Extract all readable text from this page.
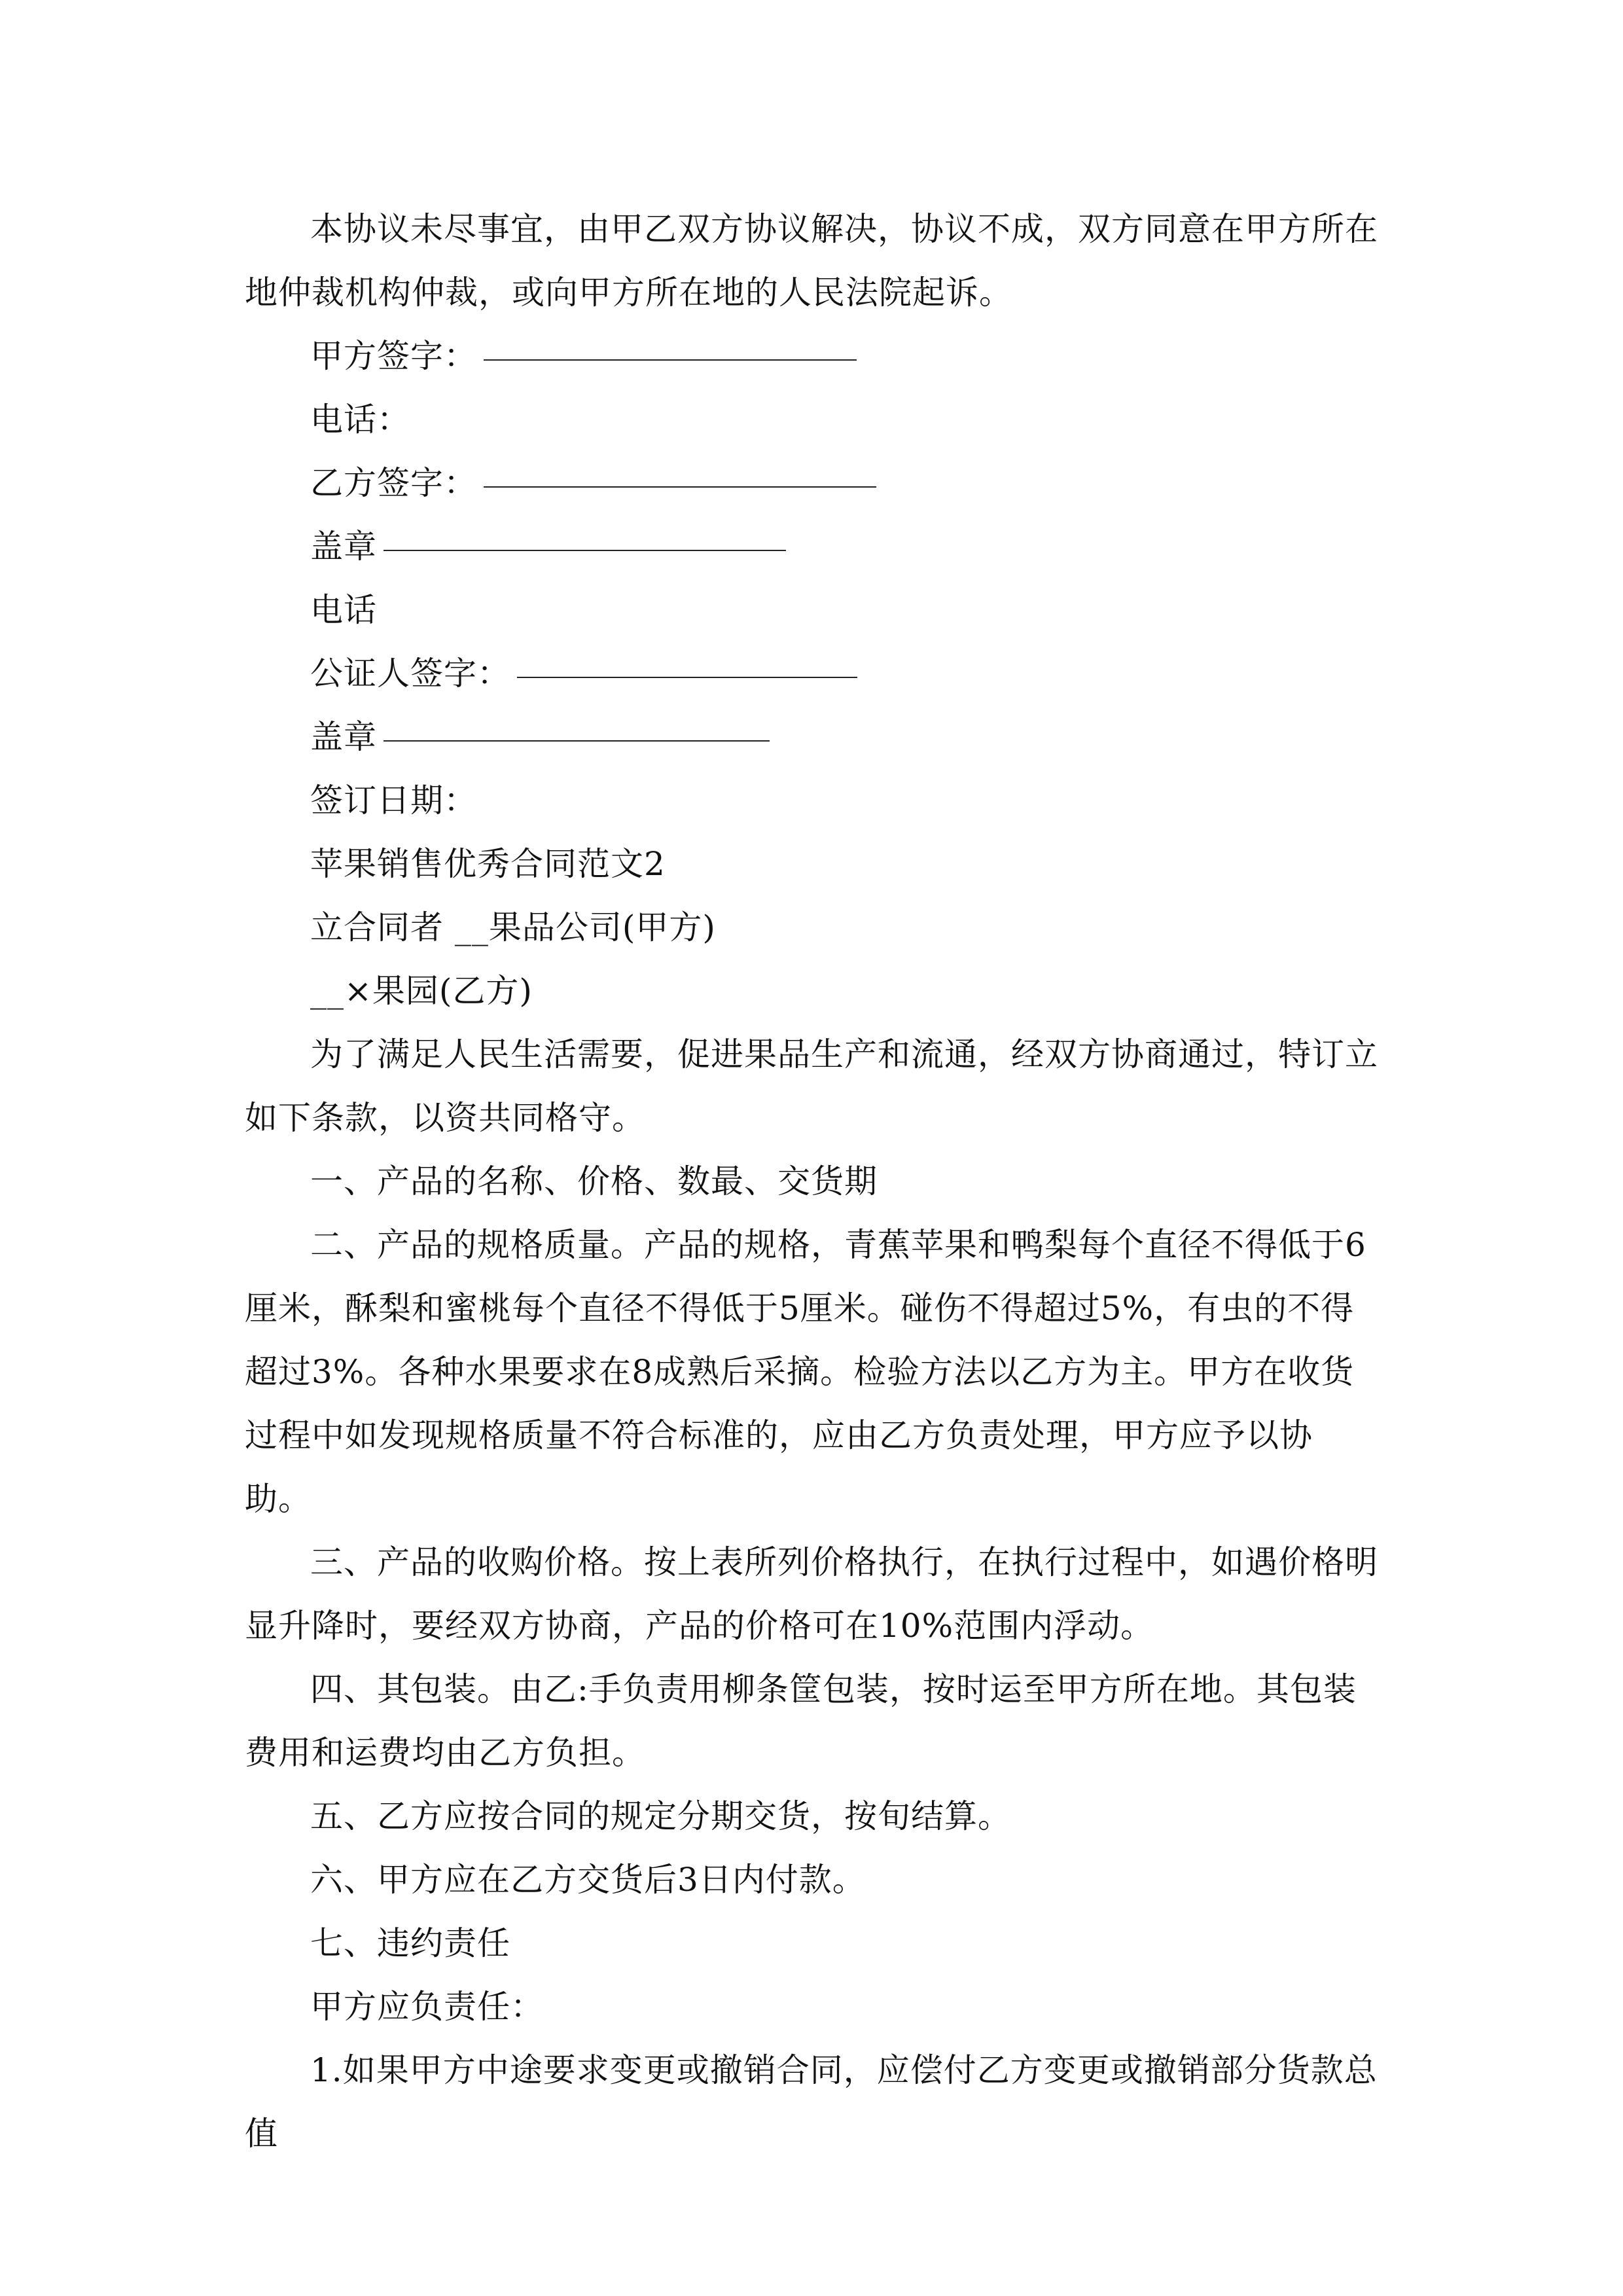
本协议未尽事宜，由甲乙双方协议解决，协议不成，双方同意在甲方所在地仲裁机构仲裁，或向甲方所在地的人民法院起诉。

甲方签字：

电话：

乙方签字：

盖章

电话

公证人签字：

盖章

签订日期：

苹果销售优秀合同范文2

立合同者 __果品公司(甲方)

__×果园(乙方)

为了满足人民生活需要，促进果品生产和流通，经双方协商通过，特订立如下条款，以资共同格守。

一、产品的名称、价格、数最、交货期

二、产品的规格质量。产品的规格，青蕉苹果和鸭梨每个直径不得低于6厘米，酥梨和蜜桃每个直径不得低于5厘米。碰伤不得超过5%，有虫的不得超过3%。各种水果要求在8成熟后采摘。检验方法以乙方为主。甲方在收货过程中如发现规格质量不符合标准的，应由乙方负责处理，甲方应予以协助。

三、产品的收购价格。按上表所列价格执行，在执行过程中，如遇价格明显升降时，要经双方协商，产品的价格可在10%范围内浮动。

四、其包装。由乙:手负责用柳条筐包装，按时运至甲方所在地。其包装费用和运费均由乙方负担。

五、乙方应按合同的规定分期交货，按旬结算。

六、甲方应在乙方交货后3日内付款。

七、违约责任

甲方应负责任：

1.如果甲方中途要求变更或撤销合同，应偿付乙方变更或撤销部分货款总值
